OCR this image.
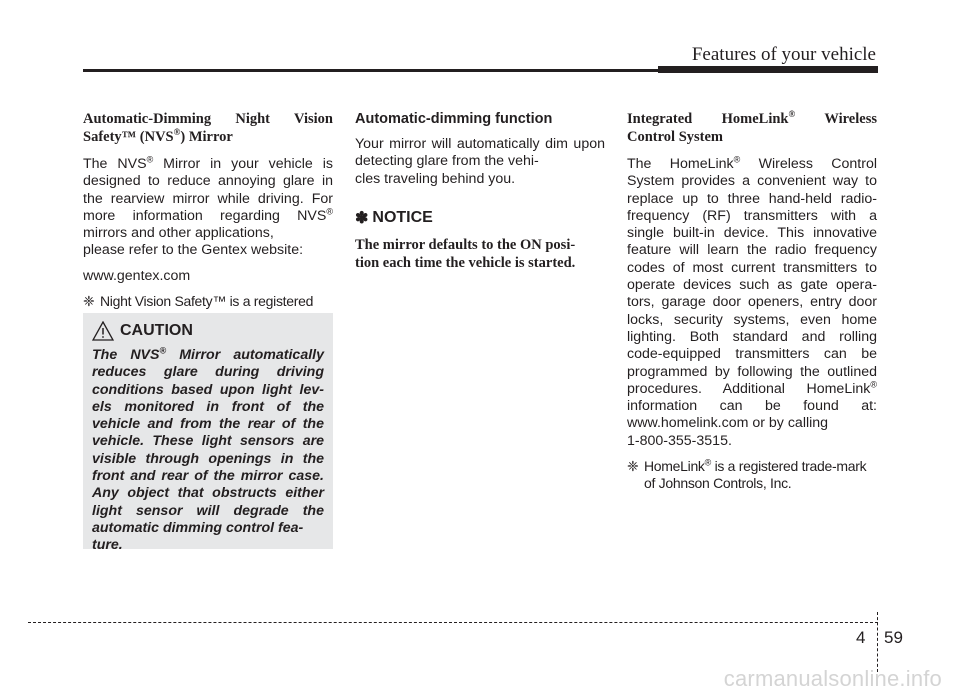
Features of your vehicle
Automatic-Dimming Night Vision
Safety™ (NVS®) Mirror

The NVS® Mirror in your vehicle is designed to reduce annoying glare in the rearview mirror while driving. For more information regarding NVS® mirrors and other applications,
please refer to the Gentex website:

www.gentex.com

❈ Night Vision Safety™ is a registered
CAUTION

The NVS® Mirror automatically reduces glare during driving conditions based upon light lev-els monitored in front of the vehicle and from the rear of the vehicle. These light sensors are visible through openings in the front and rear of the mirror case. Any object that obstructs either light sensor will degrade the automatic dimming control fea-
ture.

Automatic-dimming function

Your mirror will automatically dim upon detecting glare from the vehi-
cles traveling behind you.

✽ NOTICE

The mirror defaults to the ON posi-
tion each time the vehicle is started.

Integrated HomeLink® Wireless
Control System

The HomeLink® Wireless Control System provides a convenient way to replace up to three hand-held radio-frequency (RF) transmitters with a single built-in device. This innovative feature will learn the radio frequency codes of most current transmitters to operate devices such as gate opera-tors, garage door openers, entry door locks, security systems, even home lighting. Both standard and rolling code-equipped transmitters can be programmed by following the outlined procedures. Additional HomeLink® information can be found at: www.homelink.com or by calling
1-800-355-3515.

❈ HomeLink® is a registered trade-mark of Johnson Controls, Inc.
4 59
carmanualsonline.info
